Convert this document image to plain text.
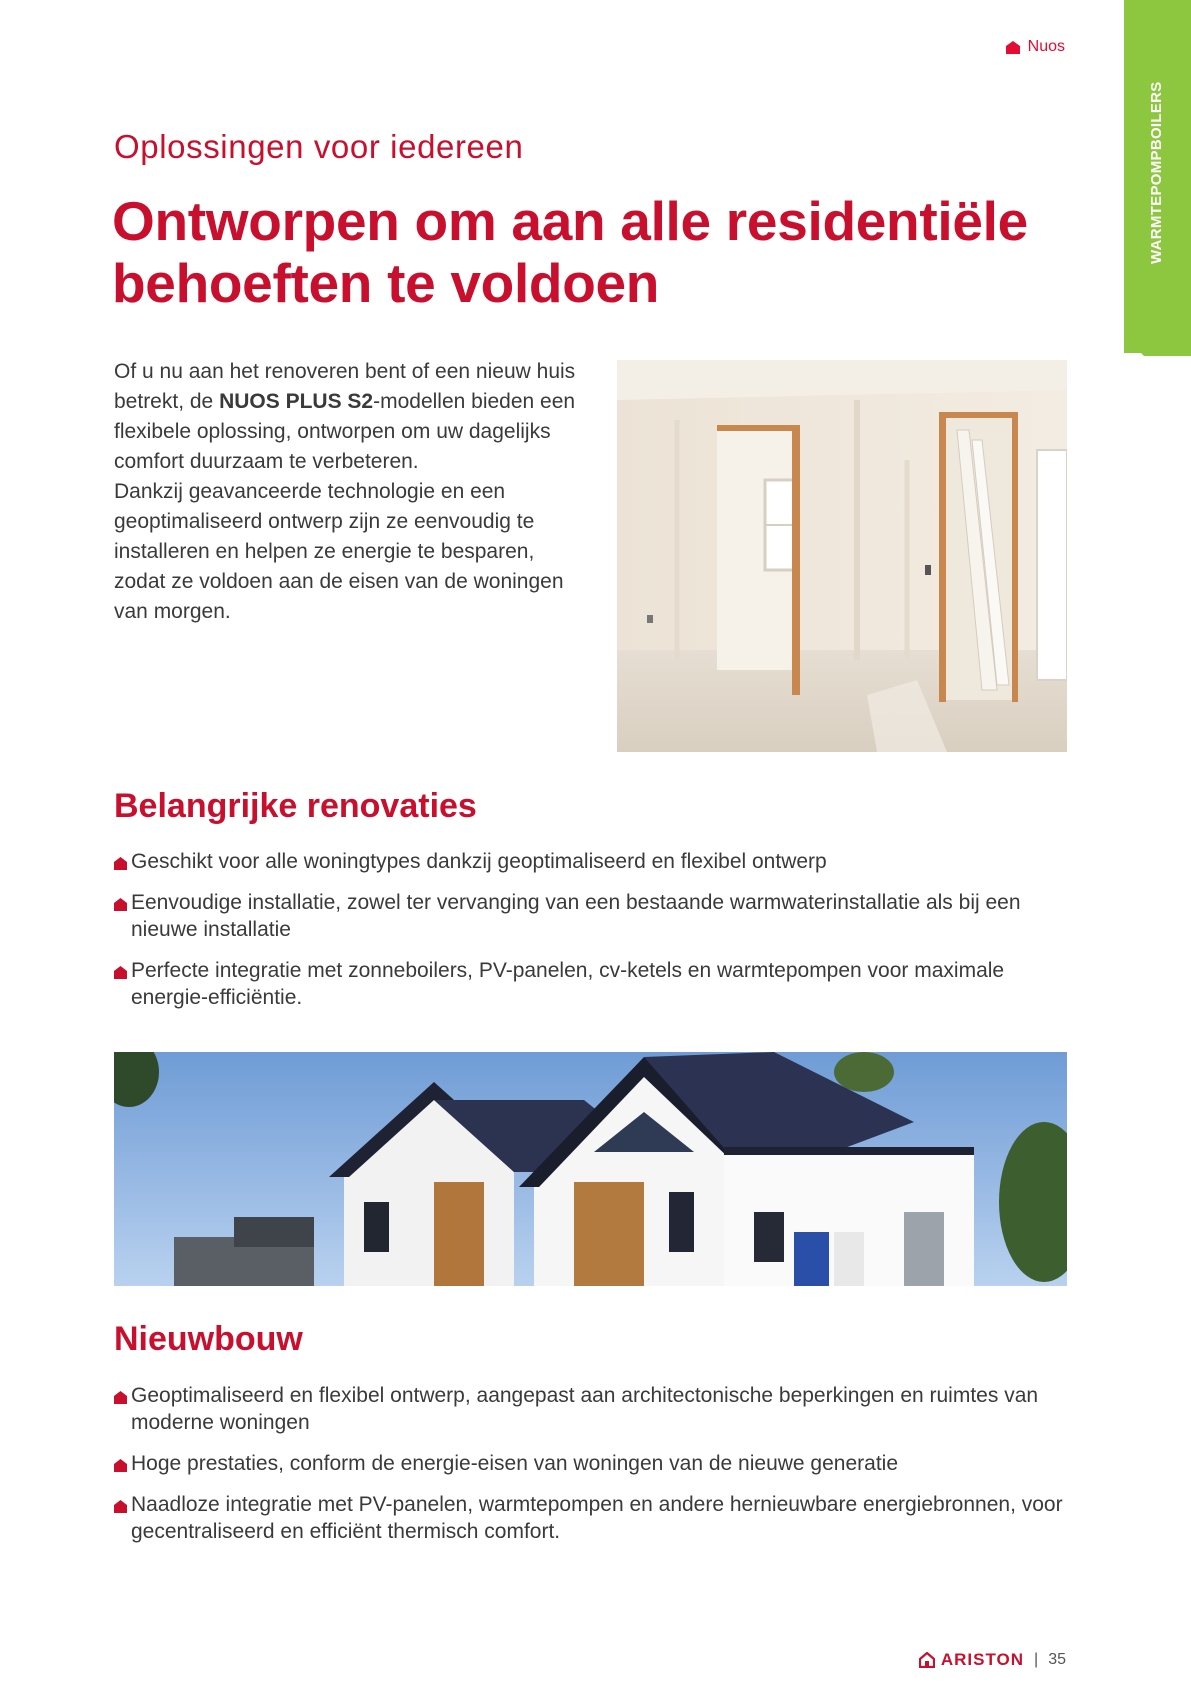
WARMTEPOMPBOILERS
Nuos
Oplossingen voor iedereen
Ontworpen om aan alle residentiële
behoeften te voldoen
Of u nu aan het renoveren bent of een nieuw huis betrekt, de NUOS PLUS S2-modellen bieden een flexibele oplossing, ontworpen om uw dagelijks comfort duurzaam te verbeteren.
Dankzij geavanceerde technologie en een geoptimaliseerd ontwerp zijn ze eenvoudig te installeren en helpen ze energie te besparen, zodat ze voldoen aan de eisen van de woningen van morgen.
Belangrijke renovaties
Geschikt voor alle woningtypes dankzij geoptimaliseerd en flexibel ontwerp
Eenvoudige installatie, zowel ter vervanging van een bestaande warmwaterinstallatie als bij een nieuwe installatie
Perfecte integratie met zonneboilers, PV-panelen, cv-ketels en warmtepompen voor maximale energie-efficiëntie.
Nieuwbouw
Geoptimaliseerd en flexibel ontwerp, aangepast aan architectonische beperkingen en ruimtes van moderne woningen
Hoge prestaties, conform de energie-eisen van woningen van de nieuwe generatie
Naadloze integratie met PV-panelen, warmtepompen en andere hernieuwbare energiebronnen, voor gecentraliseerd en efficiënt thermisch comfort.
ARISTON | 35
